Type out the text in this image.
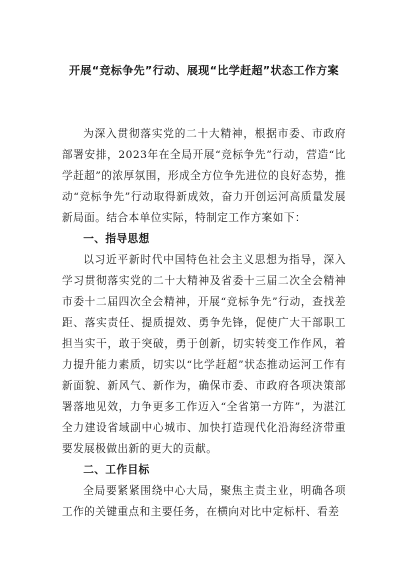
开展“竞标争先”行动、展现“比学赶超”状态工作方案

为深入贯彻落实党的二十大精神，根据市委、市政府部署安排，2023年在全局开展“竞标争先”行动，营造“比学赶超”的浓厚氛围，形成全方位争先进位的良好态势，推动“竞标争先”行动取得新成效，奋力开创运河高质量发展新局面。结合本单位实际，特制定工作方案如下：

一、指导思想

以习近平新时代中国特色社会主义思想为指导，深入学习贯彻落实党的二十大精神及省委十三届二次全会精神市委十二届四次全会精神，开展“竞标争先”行动，查找差距、落实责任、提质提效、勇争先锋，促使广大干部职工担当实干，敢于突破，勇于创新，切实转变工作作风，着力提升能力素质，切实以“比学赶超”状态推动运河工作有新面貌、新风气、新作为，确保市委、市政府各项决策部署落地见效，力争更多工作迈入“全省第一方阵”，为湛江全力建设省域副中心城市、加快打造现代化沿海经济带重要发展极做出新的更大的贡献。

二、工作目标

全局要紧紧围绕中心大局，聚焦主责主业，明确各项工作的关键重点和主要任务，在横向对比中定标杆、看差
